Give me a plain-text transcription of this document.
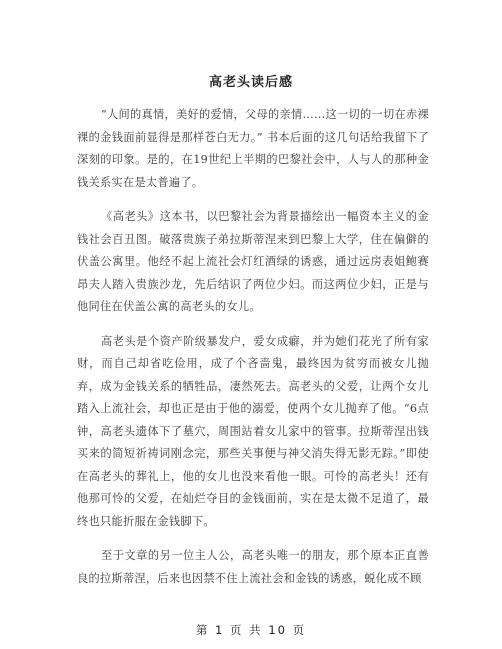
高老头读后感

“人间的真情，美好的爱情，父母的亲情……这一切的一切在赤裸裸的金钱面前显得是那样苍白无力。” 书本后面的这几句话给我留下了深刻的印象。是的，在19世纪上半期的巴黎社会中，人与人的那种金钱关系实在是太普遍了。

《高老头》这本书，以巴黎社会为背景描绘出一幅资本主义的金钱社会百丑图。破落贵族子弟拉斯蒂涅来到巴黎上大学，住在偏僻的伏盖公寓里。他经不起上流社会灯红酒绿的诱惑，通过远房表姐鲍赛昂夫人踏入贵族沙龙，先后结识了两位少妇。而这两位少妇，正是与他同住在伏盖公寓的高老头的女儿。

高老头是个资产阶级暴发户，爱女成癖，并为她们花光了所有家财，而自己却省吃俭用，成了个吝啬鬼，最终因为贫穷而被女儿抛弃，成为金钱关系的牺牲品，凄然死去。高老头的父爱，让两个女儿踏入上流社会，却也正是由于他的溺爱，使两个女儿抛弃了他。“6点钟，高老头遗体下了墓穴，周围站着女儿家中的管事。拉斯蒂涅出钱买来的简短祈祷词刚念完，那些关事便与神父消失得无影无踪。”即使在高老头的葬礼上，他的女儿也没来看他一眼。可怜的高老头！还有他那可怜的父爱，在灿烂夺目的金钱面前，实在是太微不足道了，最终也只能折服在金钱脚下。

至于文章的另一位主人公，高老头唯一的朋友，那个原本正直善良的拉斯蒂涅，后来也因禁不住上流社会和金钱的诱惑，蜕化成不顾

第 1 页 共 10 页
